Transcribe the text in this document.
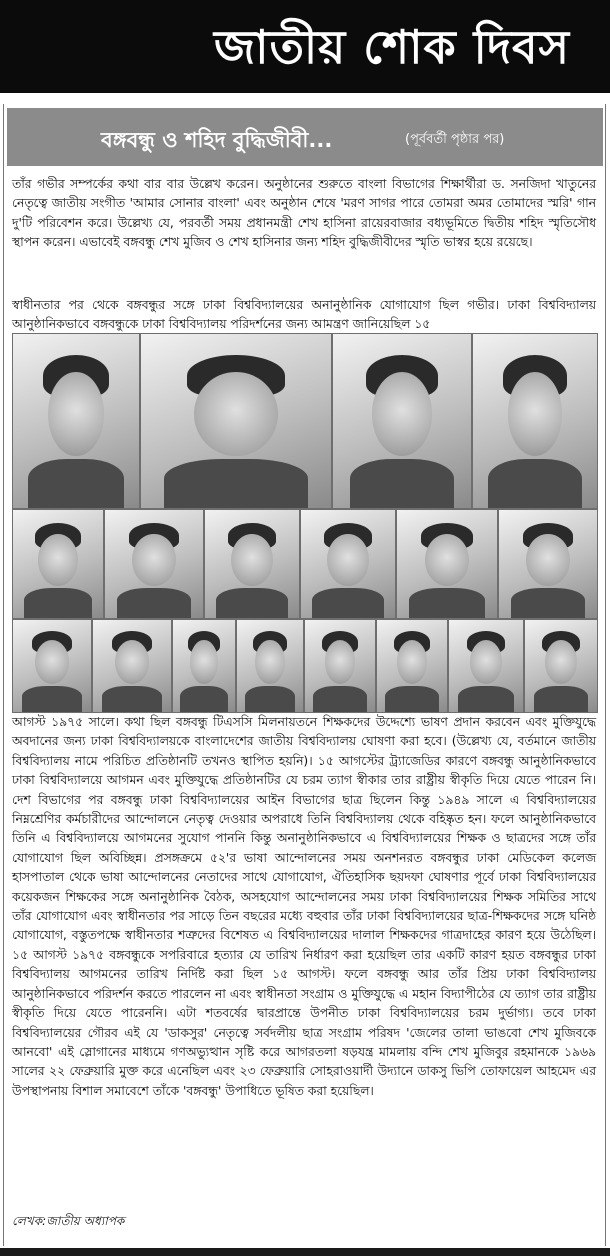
জাতীয় শোক দিবস
বঙ্গবন্ধু ও শহিদ বুদ্ধিজীবী...	(পূর্ববর্তী পৃষ্ঠার পর)

তাঁর গভীর সম্পর্কের কথা বার বার উল্লেখ করেন। অনুষ্ঠানের শুরুতে বাংলা বিভাগের শিক্ষার্থীরা ড. সনজিদা খাতুনের নেতৃত্বে জাতীয় সংগীত 'আমার সোনার বাংলা' এবং অনুষ্ঠান শেষে 'মরণ সাগর পারে তোমরা অমর তোমাদের স্মরি' গান দু'টি পরিবেশন করে। উল্লেখ্য যে, পরবর্তী সময় প্রধানমন্ত্রী শেখ হাসিনা রায়েরবাজার বধ্যভূমিতে দ্বিতীয় শহিদ স্মৃতিসৌধ স্থাপন করেন। এভাবেই বঙ্গবন্ধু শেখ মুজিব ও শেখ হাসিনার জন্য শহিদ বুদ্ধিজীবীদের স্মৃতি ভাস্বর হয়ে রয়েছে।

স্বাধীনতার পর থেকে বঙ্গবন্ধুর সঙ্গে ঢাকা বিশ্ববিদ্যালয়ের অনানুষ্ঠানিক যোগাযোগ ছিল গভীর। ঢাকা বিশ্ববিদ্যালয় আনুষ্ঠানিকভাবে বঙ্গবন্ধুকে ঢাকা বিশ্ববিদ্যালয় পরিদর্শনের জন্য আমন্ত্রণ জানিয়েছিল ১৫

আগস্ট ১৯৭৫ সালে। কথা ছিল বঙ্গবন্ধু টিএসসি মিলনায়তনে শিক্ষকদের উদ্দেশ্যে ভাষণ প্রদান করবেন এবং মুক্তিযুদ্ধে অবদানের জন্য ঢাকা বিশ্ববিদ্যালয়কে বাংলাদেশের জাতীয় বিশ্ববিদ্যালয় ঘোষণা করা হবে। (উল্লেখ্য যে, বর্তমানে জাতীয় বিশ্ববিদ্যালয় নামে পরিচিত প্রতিষ্ঠানটি তখনও স্থাপিত হয়নি)। ১৫ আগস্টের ট্র্যাজেডির কারণে বঙ্গবন্ধু আনুষ্ঠানিকভাবে ঢাকা বিশ্ববিদ্যালয়ে আগমন এবং মুক্তিযুদ্ধে প্রতিষ্ঠানটির যে চরম ত্যাগ স্বীকার তার রাষ্ট্রীয় স্বীকৃতি দিয়ে যেতে পারেন নি। দেশ বিভাগের পর বঙ্গবন্ধু ঢাকা বিশ্ববিদ্যালয়ের আইন বিভাগের ছাত্র ছিলেন কিন্তু ১৯৪৯ সালে এ বিশ্ববিদ্যালয়ের নিম্নশ্রেণির কর্মচারীদের আন্দোলনে নেতৃত্ব দেওয়ার অপরাধে তিনি বিশ্ববিদ্যালয় থেকে বহিষ্কৃত হন। ফলে আনুষ্ঠানিকভাবে তিনি এ বিশ্ববিদ্যালয়ে আগমনের সুযোগ পাননি কিন্তু অনানুষ্ঠানিকভাবে এ বিশ্ববিদ্যালয়ের শিক্ষক ও ছাত্রদের সঙ্গে তাঁর যোগাযোগ ছিল অবিচ্ছিন্ন। প্রসঙ্গক্রমে ৫২'র ভাষা আন্দোলনের সময় অনশনরত বঙ্গবন্ধুর ঢাকা মেডিকেল কলেজ হাসপাতাল থেকে ভাষা আন্দোলনের নেতাদের সাথে যোগাযোগ, ঐতিহাসিক ছয়দফা ঘোষণার পূর্বে ঢাকা বিশ্ববিদ্যালয়ের কয়েকজন শিক্ষকের সঙ্গে অনানুষ্ঠানিক বৈঠক, অসহযোগ আন্দোলনের সময় ঢাকা বিশ্ববিদ্যালয়ের শিক্ষক সমিতির সাথে তাঁর যোগাযোগ এবং স্বাধীনতার পর সাড়ে তিন বছরের মধ্যে বহুবার তাঁর ঢাকা বিশ্ববিদ্যালয়ের ছাত্র-শিক্ষকদের সঙ্গে ঘনিষ্ঠ যোগাযোগ, বস্তুতপক্ষে স্বাধীনতার শত্রুদের বিশেষত এ বিশ্ববিদ্যালয়ের দালাল শিক্ষকদের গাত্রদাহের কারণ হয়ে উঠেছিল। ১৫ আগস্ট ১৯৭৫ বঙ্গবন্ধুকে সপরিবারে হত্যার যে তারিখ নির্ধারণ করা হয়েছিল তার একটি কারণ হয়ত বঙ্গবন্ধুর ঢাকা বিশ্ববিদ্যালয় আগমনের তারিখ নির্দিষ্ট করা ছিল ১৫ আগস্ট। ফলে বঙ্গবন্ধু আর তাঁর প্রিয় ঢাকা বিশ্ববিদ্যালয় আনুষ্ঠানিকভাবে পরিদর্শন করতে পারলেন না এবং স্বাধীনতা সংগ্রাম ও মুক্তিযুদ্ধে এ মহান বিদ্যাপীঠের যে ত্যাগ তার রাষ্ট্রীয় স্বীকৃতি দিয়ে যেতে পারেননি। এটা শতবর্ষের দ্বারপ্রান্তে উপনীত ঢাকা বিশ্ববিদ্যালয়ের চরম দুর্ভাগ্য। তবে ঢাকা বিশ্ববিদ্যালয়ের গৌরব এই যে 'ডাকসুর' নেতৃত্বে সর্বদলীয় ছাত্র সংগ্রাম পরিষদ 'জেলের তালা ভাঙবো শেখ মুজিবকে আনবো' এই স্লোগানের মাধ্যমে গণঅভ্যুত্থান সৃষ্টি করে আগরতলা ষড়যন্ত্র মামলায় বন্দি শেখ মুজিবুর রহমানকে ১৯৬৯ সালের ২২ ফেব্রুয়ারি মুক্ত করে এনেছিল এবং ২৩ ফেব্রুয়ারি সোহরাওয়ার্দী উদ্যানে ডাকসু ভিপি তোফায়েল আহমেদ এর উপস্থাপনায় বিশাল সমাবেশে তাঁকে 'বঙ্গবন্ধু' উপাধিতে ভূষিত করা হয়েছিল।

লেখক:জাতীয় অধ্যাপক
